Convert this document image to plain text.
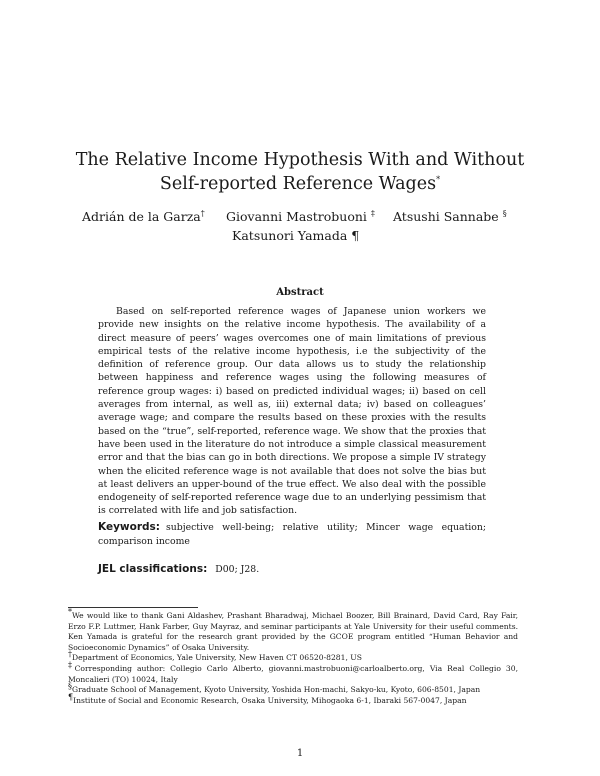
The Relative Income Hypothesis With and Without
Self-reported Reference Wages*
Adrián de la Garza† Giovanni Mastrobuoni ‡ Atsushi Sannabe §
Katsunori Yamada ¶
Abstract

Based on self-reported reference wages of Japanese union workers we provide new insights on the relative income hypothesis. The availability of a direct measure of peers’ wages overcomes one of main limitations of previous empirical tests of the relative income hypothesis, i.e the subjectivity of the definition of reference group. Our data allows us to study the relationship between happiness and reference wages using the following measures of reference group wages: i) based on predicted individual wages; ii) based on cell averages from internal, as well as, iii) external data; iv) based on colleagues’ average wage; and compare the results based on these proxies with the results based on the “true”, self-reported, reference wage. We show that the proxies that have been used in the literature do not introduce a simple classical measurement error and that the bias can go in both directions. We propose a simple IV strategy when the elicited reference wage is not available that does not solve the bias but at least delivers an upper-bound of the true effect. We also deal with the possible endogeneity of self-reported reference wage due to an underlying pessimism that is correlated with life and job satisfaction.

Keywords: subjective well-being; relative utility; Mincer wage equation; comparison income

JEL classifications: D00; J28.

*We would like to thank Gani Aldashev, Prashant Bharadwaj, Michael Boozer, Bill Brainard, David Card, Ray Fair, Erzo F.P. Luttmer, Hank Farber, Guy Mayraz, and seminar participants at Yale University for their useful comments. Ken Yamada is grateful for the research grant provided by the GCOE program entitled “Human Behavior and Socioeconomic Dynamics” of Osaka University.

†Department of Economics, Yale University, New Haven CT 06520-8281, US

‡Corresponding author: Collegio Carlo Alberto, giovanni.mastrobuoni@carloalberto.org, Via Real Collegio 30, Moncalieri (TO) 10024, Italy

§Graduate School of Management, Kyoto University, Yoshida Hon-machi, Sakyo-ku, Kyoto, 606-8501, Japan

¶Institute of Social and Economic Research, Osaka University, Mihogaoka 6-1, Ibaraki 567-0047, Japan

1
